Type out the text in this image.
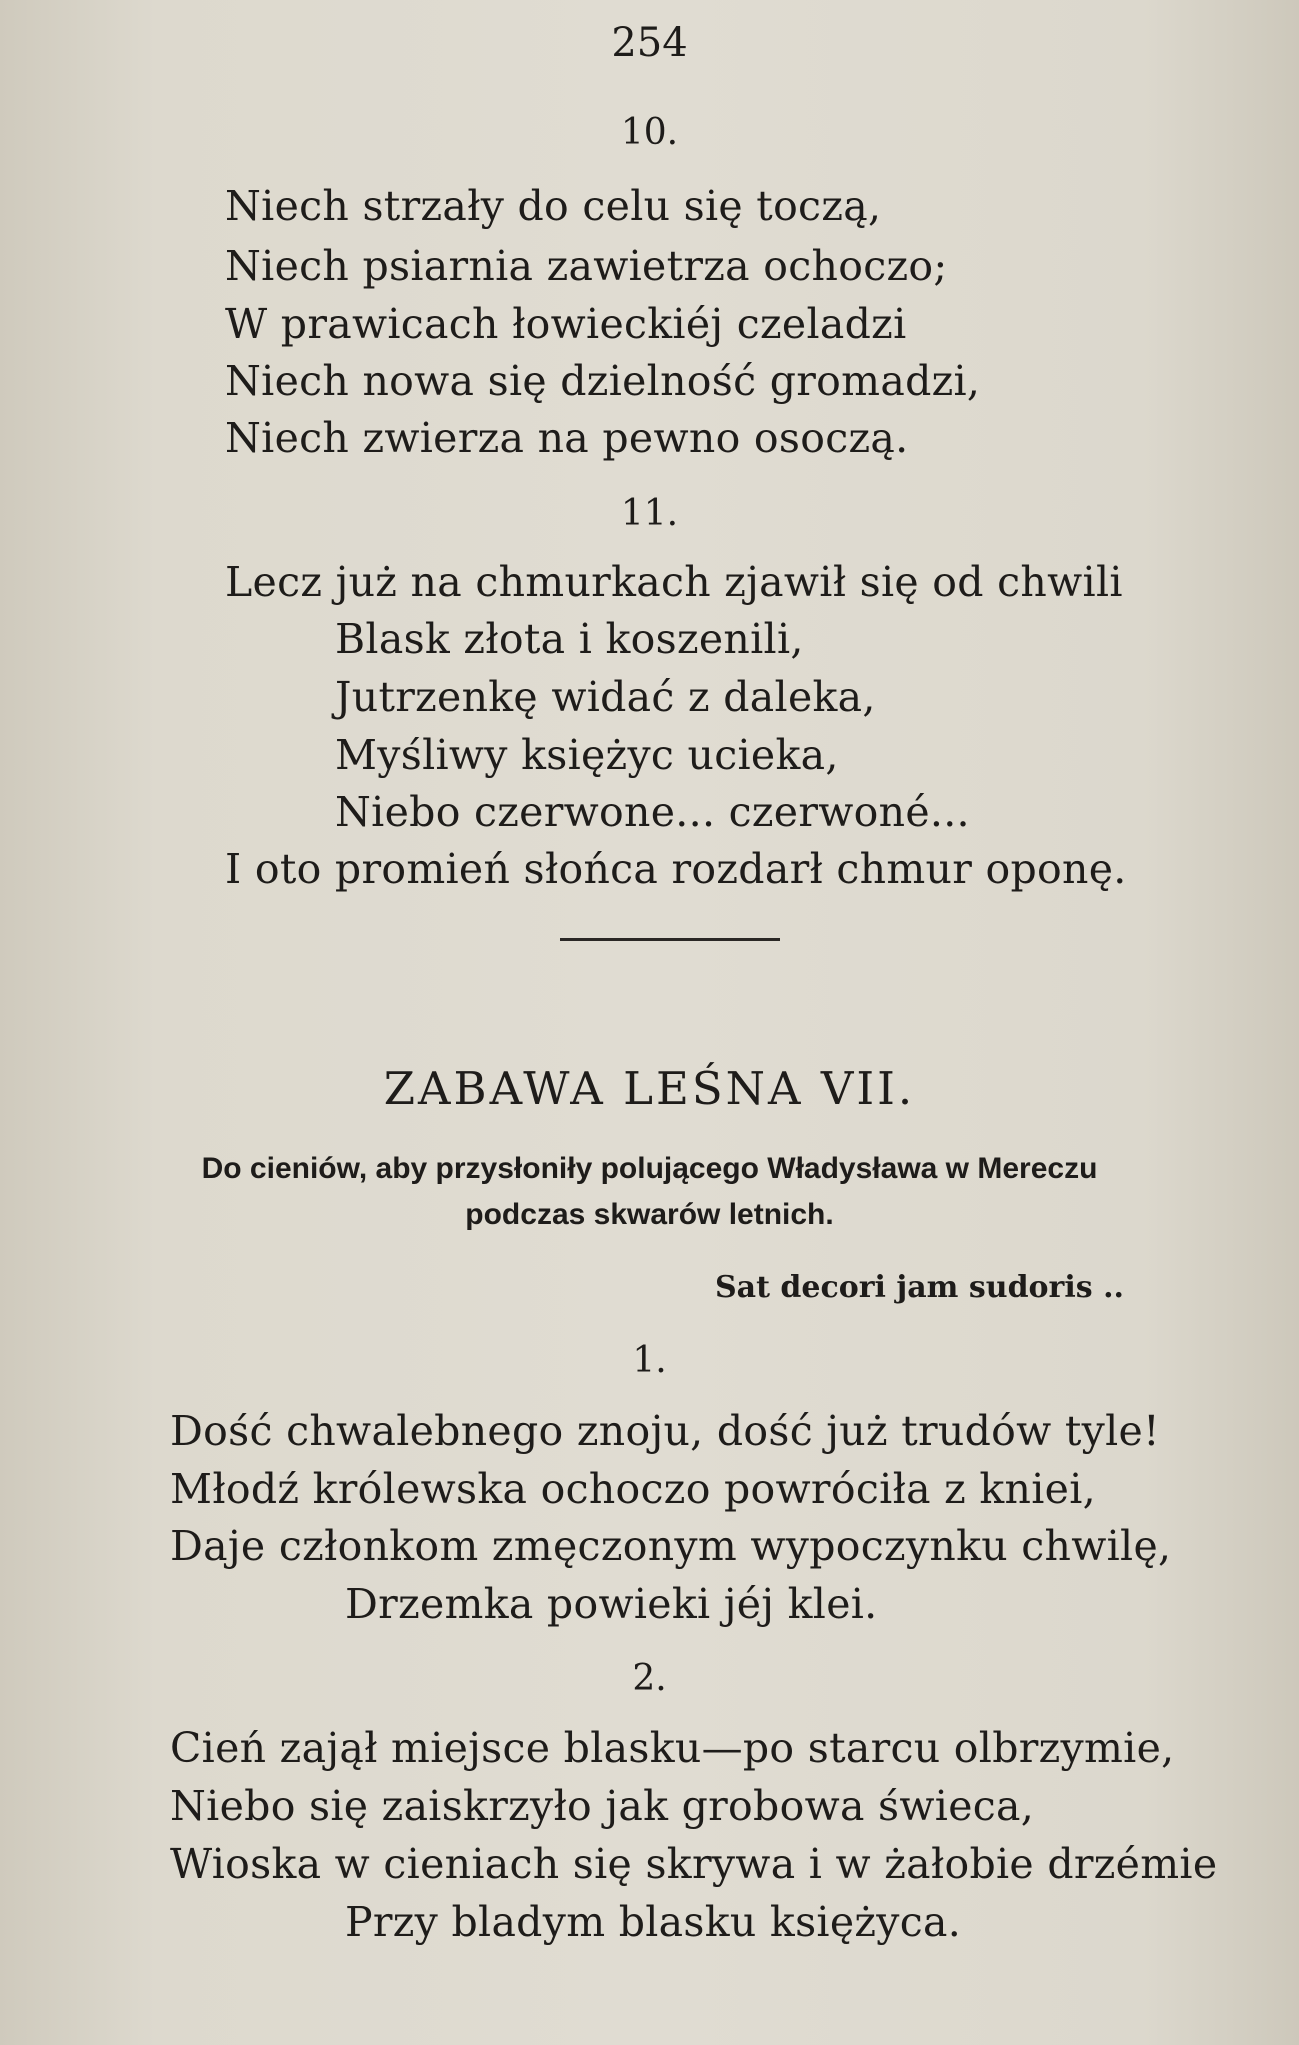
254
10.
Niech strzały do celu się toczą,
Niech psiarnia zawietrza ochoczo;
W prawicach łowieckiéj czeladzi
Niech nowa się dzielność gromadzi,
Niech zwierza na pewno osoczą.
11.
Lecz już na chmurkach zjawił się od chwili
Blask złota i koszenili,
Jutrzenkę widać z daleka,
Myśliwy księżyc ucieka,
Niebo czerwone... czerwoné...
I oto promień słońca rozdarł chmur oponę.
ZABAWA LEŚNA VII.
Do cieniów, aby przysłoniły polującego Władysława w Mereczu
podczas skwarów letnich.
Sat decori jam sudoris ..
1.
Dość chwalebnego znoju, dość już trudów tyle!
Młodź królewska ochoczo powróciła z kniei,
Daje członkom zmęczonym wypoczynku chwilę,
Drzemka powieki jéj klei.
2.
Cień zajął miejsce blasku—po starcu olbrzymie,
Niebo się zaiskrzyło jak grobowa świeca,
Wioska w cieniach się skrywa i w żałobie drzémie
Przy bladym blasku księżyca.
